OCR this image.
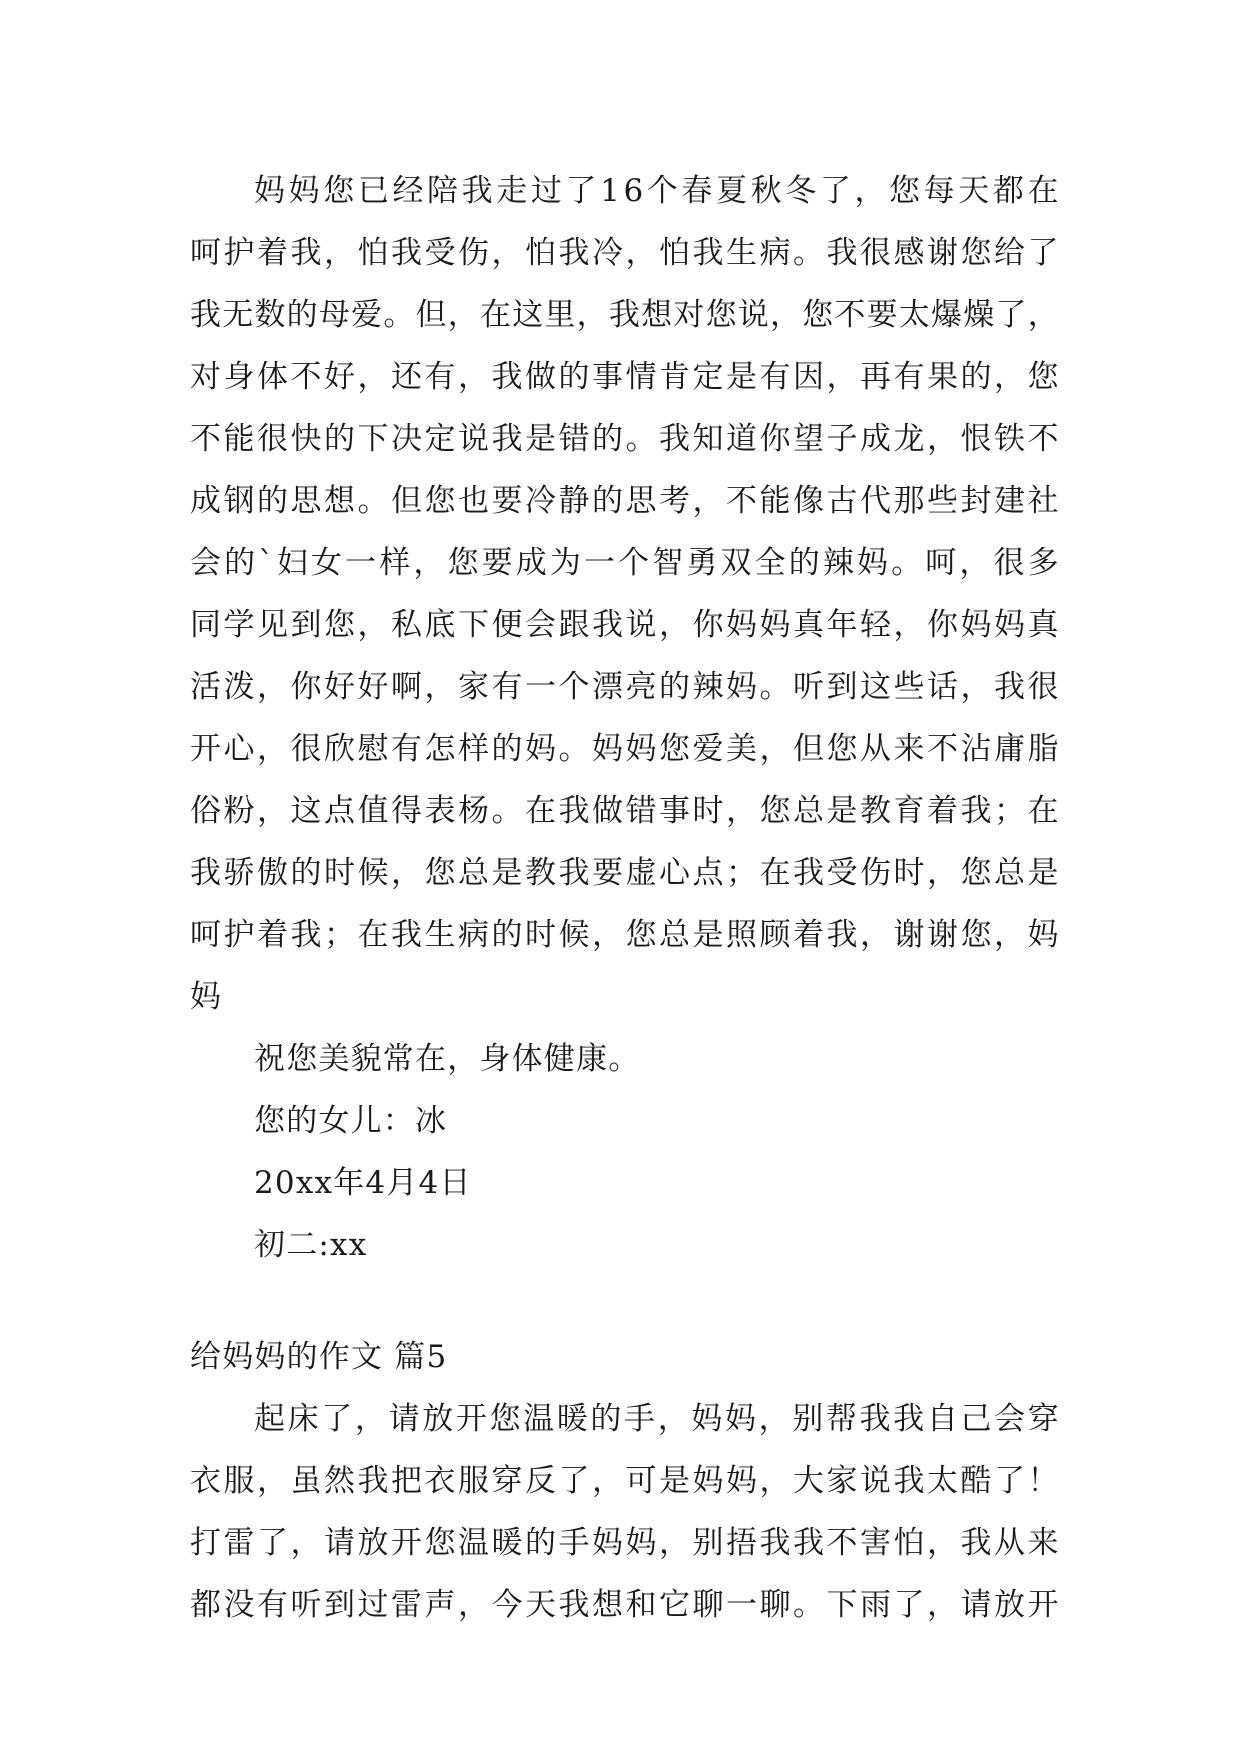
妈 妈 您 已 经 陪 我 走 过 了 1 6 个 春 夏 秋 冬 了 ， 您 每 天 都 在
呵 护 着 我 ， 怕 我 受 伤 ， 怕 我 冷 ， 怕 我 生 病 。 我 很 感 谢 您 给 了
我 无 数 的 母 爱 。 但 ， 在 这 里 ， 我 想 对 您 说 ， 您 不 要 太 爆 燥 了 ，
对 身 体 不 好 ， 还 有 ， 我 做 的 事 情 肯 定 是 有 因 ， 再 有 果 的 ， 您
不 能 很 快 的 下 决 定 说 我 是 错 的 。 我 知 道 你 望 子 成 龙 ， 恨 铁 不
成 钢 的 思 想 。 但 您 也 要 冷 静 的 思 考 ， 不 能 像 古 代 那 些 封 建 社
会 的 ` 妇 女 一 样 ， 您 要 成 为 一 个 智 勇 双 全 的 辣 妈 。 呵 ， 很 多
同 学 见 到 您 ， 私 底 下 便 会 跟 我 说 ， 你 妈 妈 真 年 轻 ， 你 妈 妈 真
活 泼 ， 你 好 好 啊 ， 家 有 一 个 漂 亮 的 辣 妈 。 听 到 这 些 话 ， 我 很
开 心 ， 很 欣 慰 有 怎 样 的 妈 。 妈 妈 您 爱 美 ， 但 您 从 来 不 沾 庸 脂
俗 粉 ， 这 点 值 得 表 杨 。 在 我 做 错 事 时 ， 您 总 是 教 育 着 我 ； 在
我 骄 傲 的 时 候 ， 您 总 是 教 我 要 虚 心 点 ； 在 我 受 伤 时 ， 您 总 是
呵 护 着 我 ； 在 我 生 病 的 时 候 ， 您 总 是 照 顾 着 我 ， 谢 谢 您 ， 妈
妈
祝您美貌常在，身体健康。
您的女儿：冰
20xx年4月4日
初二:xx
给妈妈的作文 篇5
起 床 了 ， 请 放 开 您 温 暖 的 手 ， 妈 妈 ， 别 帮 我 我 自 己 会 穿
衣 服 ， 虽 然 我 把 衣 服 穿 反 了 ， 可 是 妈 妈 ， 大 家 说 我 太 酷 了 ！
打 雷 了 ， 请 放 开 您 温 暖 的 手 妈 妈 ， 别 捂 我 我 不 害 怕 ， 我 从 来
都 没 有 听 到 过 雷 声 ， 今 天 我 想 和 它 聊 一 聊 。 下 雨 了 ， 请 放 开
